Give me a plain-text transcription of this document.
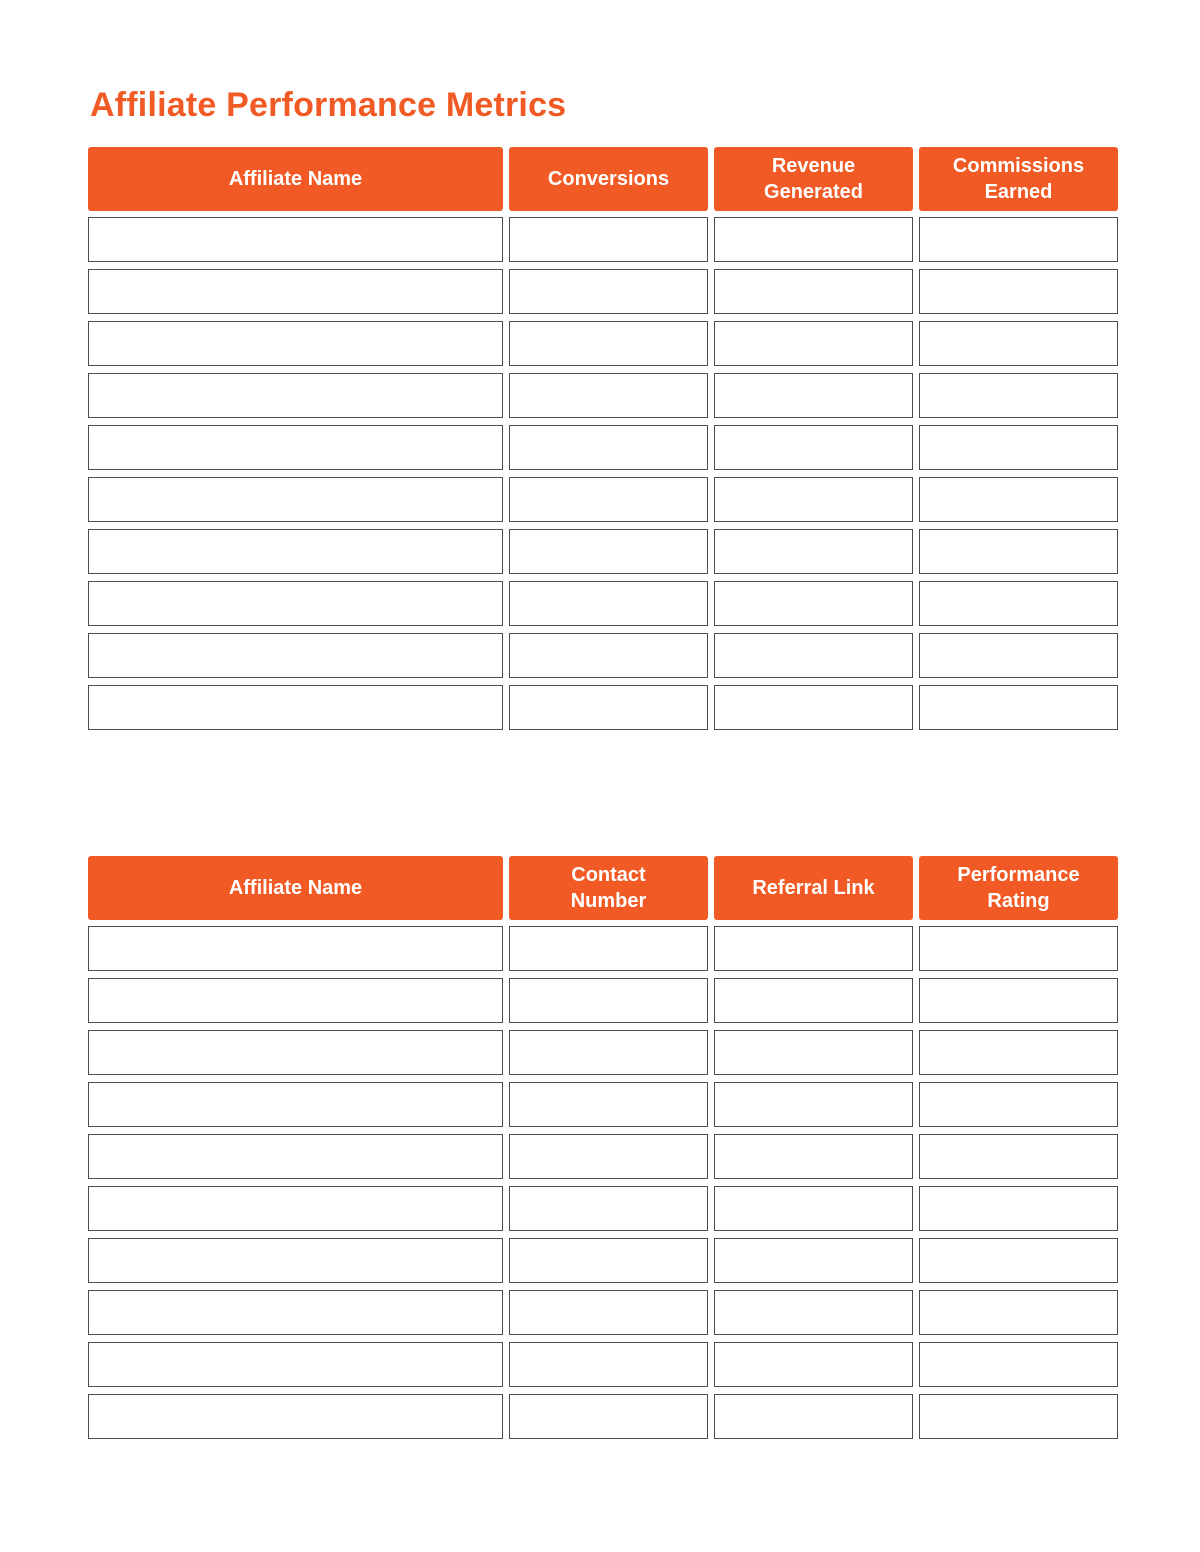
Affiliate Performance Metrics
Affiliate Name	Conversions
Revenue Generated
Commissions Earned
Affiliate Name
Contact Number
Referral Link
Performance Rating
